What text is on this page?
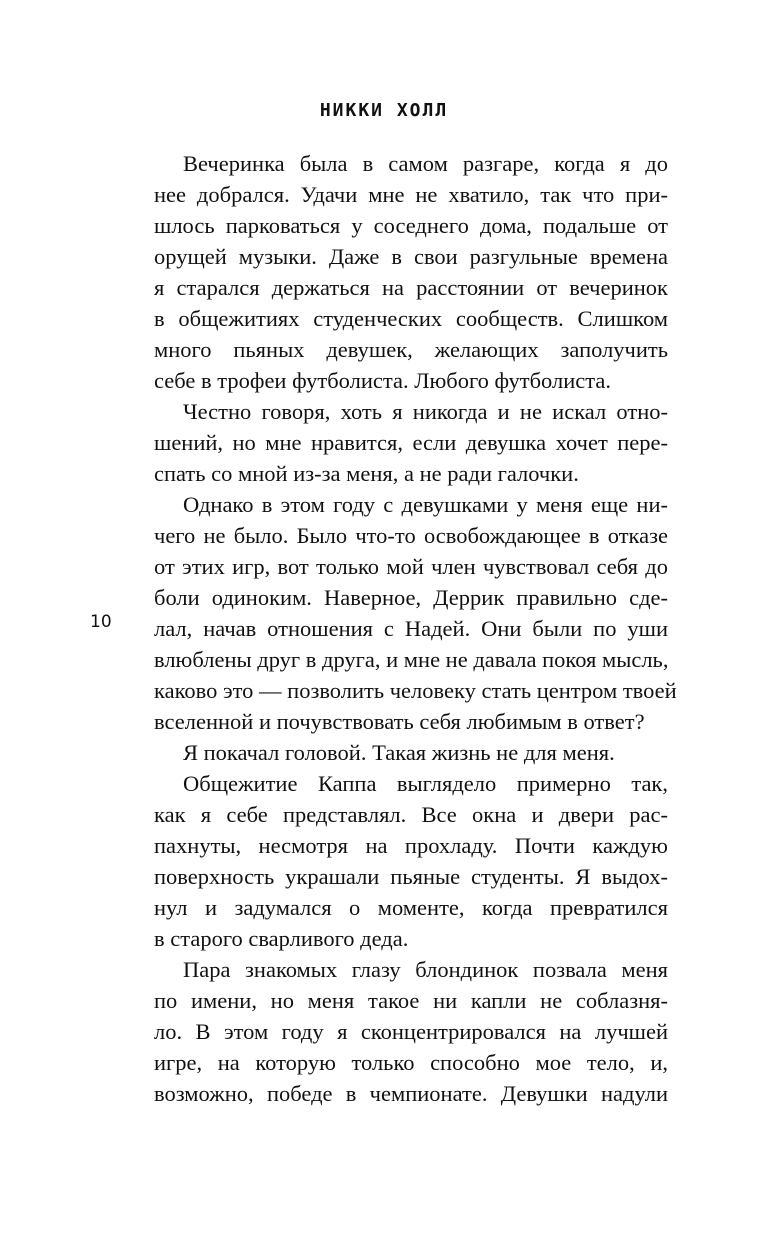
НИККИ ХОЛЛ

10

Вечеринка была в самом разгаре, когда я до
нее добрался. Удачи мне не хватило, так что при-
шлось парковаться у соседнего дома, подальше от
орущей музыки. Даже в свои разгульные времена
я старался держаться на расстоянии от вечеринок
в общежитиях студенческих сообществ. Слишком
много пьяных девушек, желающих заполучить
себе в трофеи футболиста. Любого футболиста.
Честно говоря, хоть я никогда и не искал отно-
шений, но мне нравится, если девушка хочет пере-
спать со мной из-за меня, а не ради галочки.
Однако в этом году с девушками у меня еще ни-
чего не было. Было что-то освобождающее в отказе
от этих игр, вот только мой член чувствовал себя до
боли одиноким. Наверное, Деррик правильно сде-
лал, начав отношения с Надей. Они были по уши
влюблены друг в друга, и мне не давала покоя мысль,
каково это — позволить человеку стать центром твоей
вселенной и почувствовать себя любимым в ответ?
Я покачал головой. Такая жизнь не для меня.
Общежитие Каппа выглядело примерно так,
как я себе представлял. Все окна и двери рас-
пахнуты, несмотря на прохладу. Почти каждую
поверхность украшали пьяные студенты. Я выдох-
нул и задумался о моменте, когда превратился
в старого сварливого деда.
Пара знакомых глазу блондинок позвала меня
по имени, но меня такое ни капли не соблазня-
ло. В этом году я сконцентрировался на лучшей
игре, на которую только способно мое тело, и,
возможно, победе в чемпионате. Девушки надули
